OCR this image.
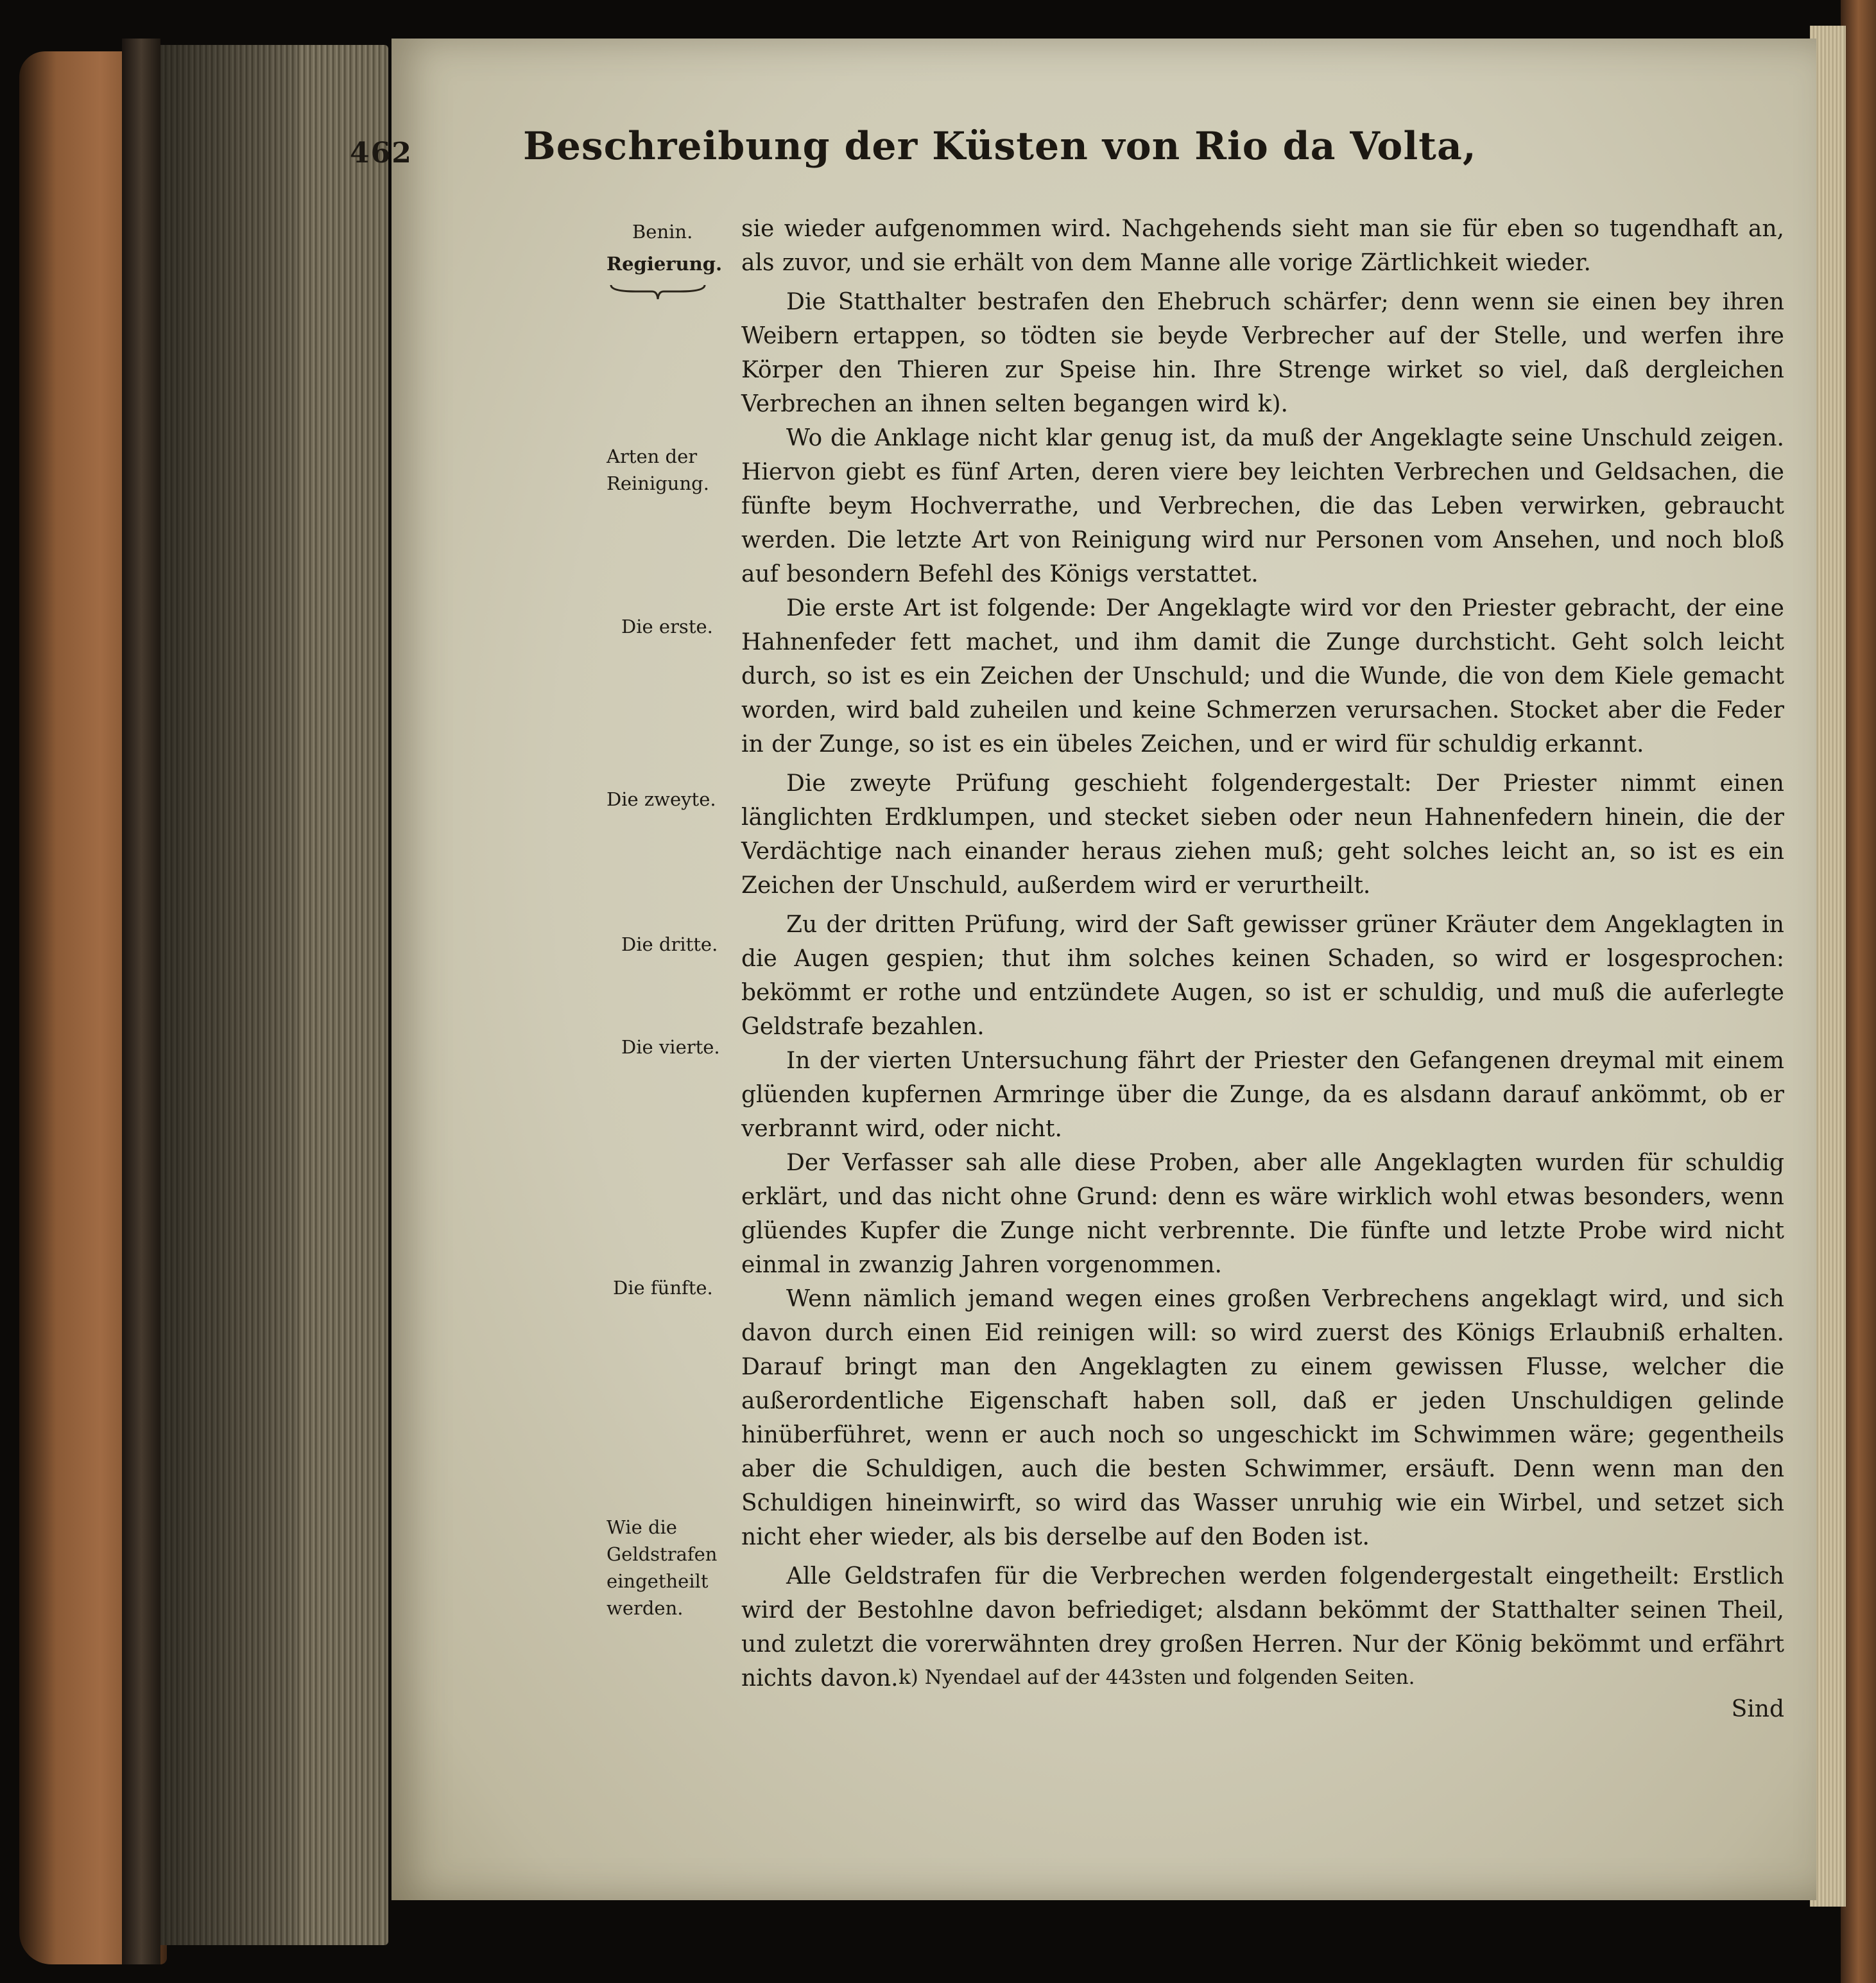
462	Beschreibung der Küsten von Rio da Volta,
Benin.
Regierung.
Arten der
Reinigung.
Die erste.
Die zweyte.
Die dritte.
Die vierte.
Die fünfte.
Wie die
Geldstrafen
eingetheilt
werden.

sie wieder aufgenommen wird. Nachgehends sieht man sie für eben so tugendhaft an, als zuvor, und sie erhält von dem Manne alle vorige Zärtlichkeit wieder.

Die Statthalter bestrafen den Ehebruch schärfer; denn wenn sie einen bey ihren Weibern ertappen, so tödten sie beyde Verbrecher auf der Stelle, und werfen ihre Körper den Thieren zur Speise hin. Ihre Strenge wirket so viel, daß dergleichen Verbrechen an ihnen selten begangen wird k).

Wo die Anklage nicht klar genug ist, da muß der Angeklagte seine Unschuld zeigen. Hiervon giebt es fünf Arten, deren viere bey leichten Verbrechen und Geldsachen, die fünfte beym Hochverrathe, und Verbrechen, die das Leben verwirken, gebraucht werden. Die letzte Art von Reinigung wird nur Personen vom Ansehen, und noch bloß auf besondern Befehl des Königs verstattet.

Die erste Art ist folgende: Der Angeklagte wird vor den Priester gebracht, der eine Hahnenfeder fett machet, und ihm damit die Zunge durchsticht. Geht solch leicht durch, so ist es ein Zeichen der Unschuld; und die Wunde, die von dem Kiele gemacht worden, wird bald zuheilen und keine Schmerzen verursachen. Stocket aber die Feder in der Zunge, so ist es ein übeles Zeichen, und er wird für schuldig erkannt.

Die zweyte Prüfung geschieht folgendergestalt: Der Priester nimmt einen länglichten Erdklumpen, und stecket sieben oder neun Hahnenfedern hinein, die der Verdächtige nach einander heraus ziehen muß; geht solches leicht an, so ist es ein Zeichen der Unschuld, außerdem wird er verurtheilt.

Zu der dritten Prüfung, wird der Saft gewisser grüner Kräuter dem Angeklagten in die Augen gespien; thut ihm solches keinen Schaden, so wird er losgesprochen: bekömmt er rothe und entzündete Augen, so ist er schuldig, und muß die auferlegte Geldstrafe bezahlen.

In der vierten Untersuchung fährt der Priester den Gefangenen dreymal mit einem glüenden kupfernen Armringe über die Zunge, da es alsdann darauf ankömmt, ob er verbrannt wird, oder nicht.

Der Verfasser sah alle diese Proben, aber alle Angeklagten wurden für schuldig erklärt, und das nicht ohne Grund: denn es wäre wirklich wohl etwas besonders, wenn glüendes Kupfer die Zunge nicht verbrennte. Die fünfte und letzte Probe wird nicht einmal in zwanzig Jahren vorgenommen.

Wenn nämlich jemand wegen eines großen Verbrechens angeklagt wird, und sich davon durch einen Eid reinigen will: so wird zuerst des Königs Erlaubniß erhalten. Darauf bringt man den Angeklagten zu einem gewissen Flusse, welcher die außerordentliche Eigenschaft haben soll, daß er jeden Unschuldigen gelinde hinüberführet, wenn er auch noch so ungeschickt im Schwimmen wäre; gegentheils aber die Schuldigen, auch die besten Schwimmer, ersäuft. Denn wenn man den Schuldigen hineinwirft, so wird das Wasser unruhig wie ein Wirbel, und setzet sich nicht eher wieder, als bis derselbe auf den Boden ist.

Alle Geldstrafen für die Verbrechen werden folgendergestalt eingetheilt: Erstlich wird der Bestohlne davon befriediget; alsdann bekömmt der Statthalter seinen Theil, und zuletzt die vorerwähnten drey großen Herren. Nur der König bekömmt und erfährt nichts davon.

Sind
k) Nyendael auf der 443sten und folgenden Seiten.
